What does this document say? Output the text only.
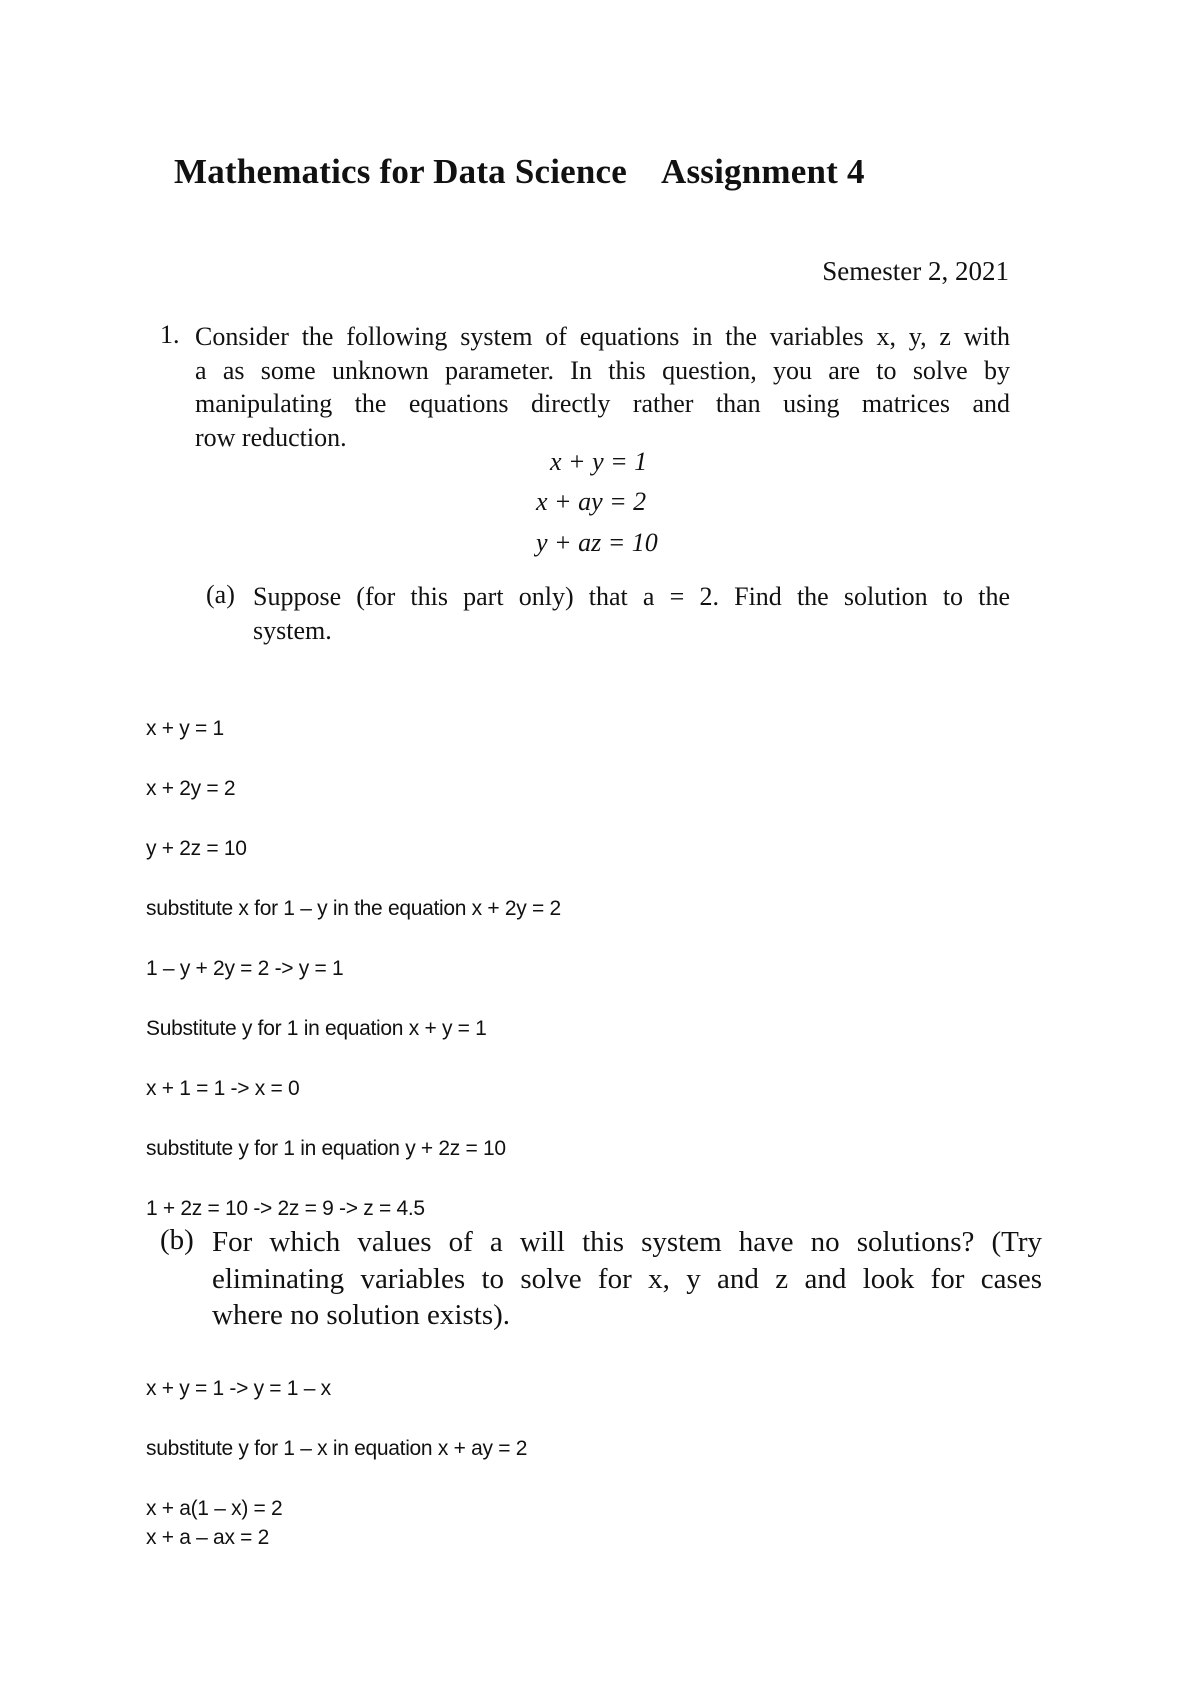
Mathematics for Data Science Assignment 4
Semester 2, 2021
1. Consider the following system of equations in the variables x, y, z with
a as some unknown parameter. In this question, you are to solve by
manipulating the equations directly rather than using matrices and
row reduction.
x + y = 1
x + ay = 2
y + az = 10
(a) Suppose (for this part only) that a = 2. Find the solution to the
system.
x + y = 1
x + 2y = 2
y + 2z = 10
substitute x for 1 – y in the equation x + 2y = 2
1 – y + 2y = 2 -> y = 1
Substitute y for 1 in equation x + y = 1
x + 1 = 1 -> x = 0
substitute y for 1 in equation y + 2z = 10
1 + 2z = 10 -> 2z = 9 -> z = 4.5
(b) For which values of a will this system have no solutions? (Try
eliminating variables to solve for x, y and z and look for cases
where no solution exists).
x + y = 1 -> y = 1 – x
substitute y for 1 – x in equation x + ay = 2
x + a(1 – x) = 2
x + a – ax = 2
